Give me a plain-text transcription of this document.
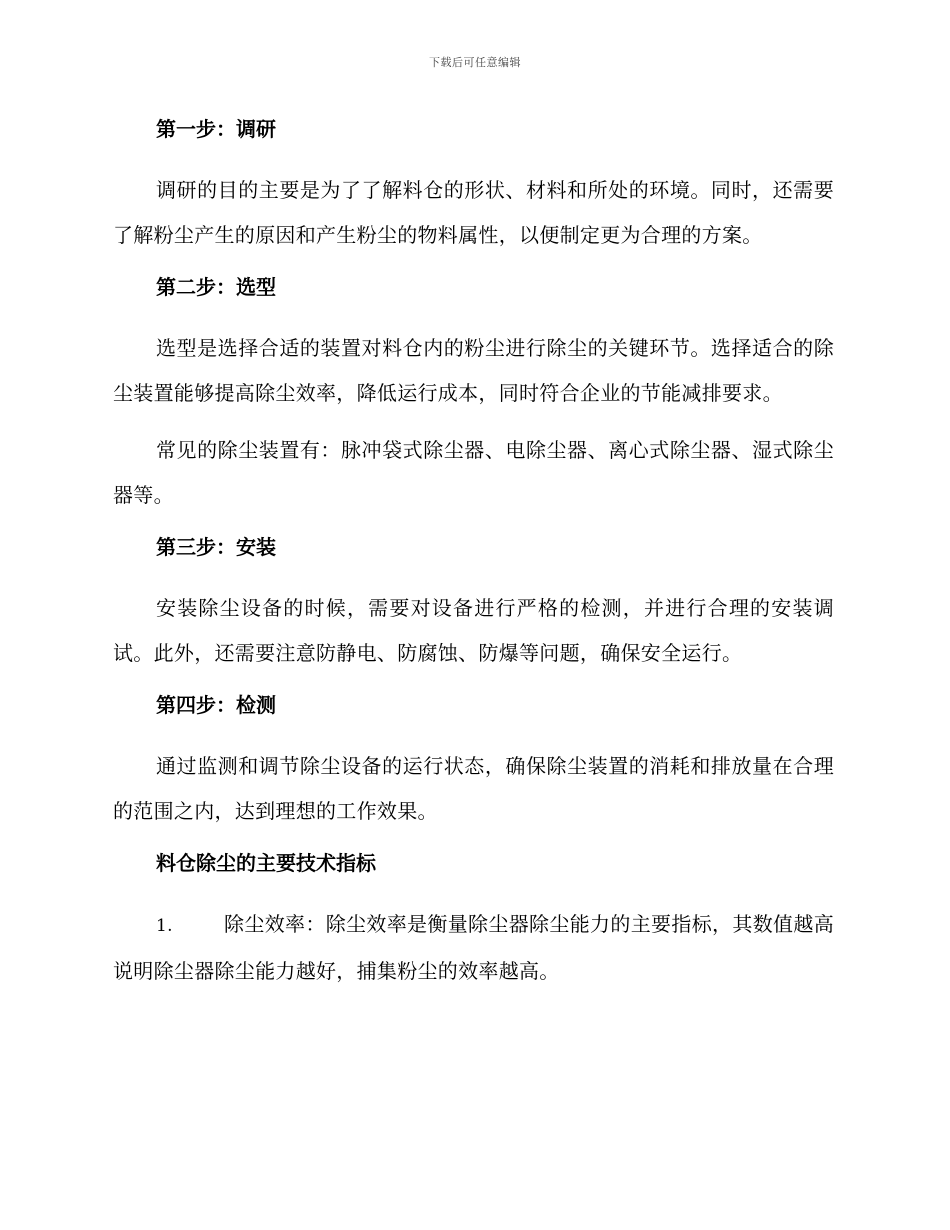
下载后可任意编辑
第一步：调研
调研的目的主要是为了了解料仓的形状、材料和所处的环境。同时，还需要了解粉尘产生的原因和产生粉尘的物料属性，以便制定更为合理的方案。
第二步：选型
选型是选择合适的装置对料仓内的粉尘进行除尘的关键环节。选择适合的除尘装置能够提高除尘效率，降低运行成本，同时符合企业的节能减排要求。
常见的除尘装置有：脉冲袋式除尘器、电除尘器、离心式除尘器、湿式除尘器等。
第三步：安装
安装除尘设备的时候，需要对设备进行严格的检测，并进行合理的安装调试。此外，还需要注意防静电、防腐蚀、防爆等问题，确保安全运行。
第四步：检测
通过监测和调节除尘设备的运行状态，确保除尘装置的消耗和排放量在合理的范围之内，达到理想的工作效果。
料仓除尘的主要技术指标
1.	除尘效率：除尘效率是衡量除尘器除尘能力的主要指标，其数值越高说明除尘器除尘能力越好，捕集粉尘的效率越高。
